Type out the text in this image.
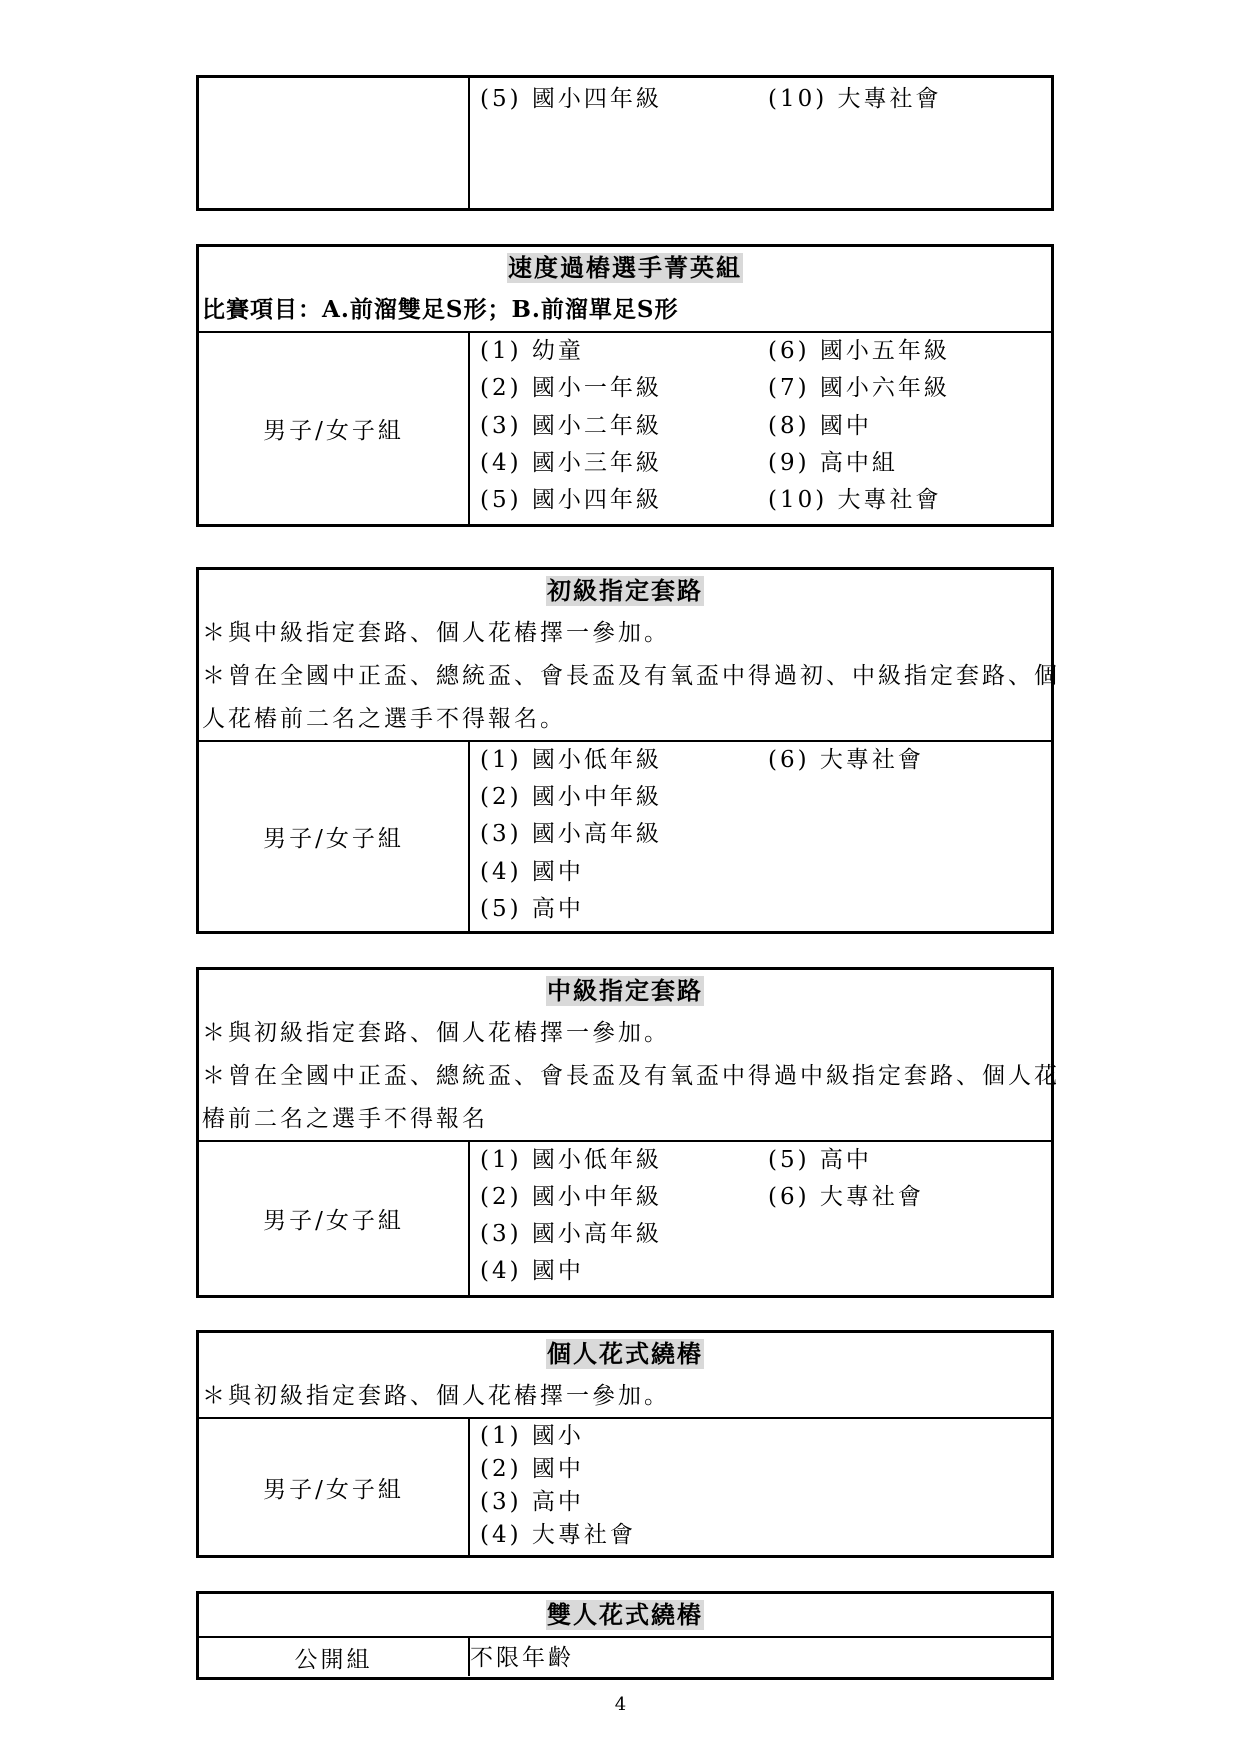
(5) 國小四年級	(10) 大專社會
速度過樁選手菁英組
比賽項目：A.前溜雙足S形；B.前溜單足S形
男子/女子組
(1) 幼童
(2) 國小一年級
(3) 國小二年級
(4) 國小三年級
(5) 國小四年級
(6) 國小五年級
(7) 國小六年級
(8) 國中
(9) 高中組
(10) 大專社會
初級指定套路
＊與中級指定套路、個人花樁擇一參加。
＊曾在全國中正盃、總統盃、會長盃及有氧盃中得過初、中級指定套路、個
人花樁前二名之選手不得報名。
男子/女子組
(1) 國小低年級
(2) 國小中年級
(3) 國小高年級
(4) 國中
(5) 高中
(6) 大專社會
中級指定套路
＊與初級指定套路、個人花樁擇一參加。
＊曾在全國中正盃、總統盃、會長盃及有氧盃中得過中級指定套路、個人花
樁前二名之選手不得報名
男子/女子組
(1) 國小低年級
(2) 國小中年級
(3) 國小高年級
(4) 國中
(5) 高中
(6) 大專社會
個人花式繞樁
＊與初級指定套路、個人花樁擇一參加。
男子/女子組
(1) 國小
(2) 國中
(3) 高中
(4) 大專社會
雙人花式繞樁
公開組	不限年齡
4
